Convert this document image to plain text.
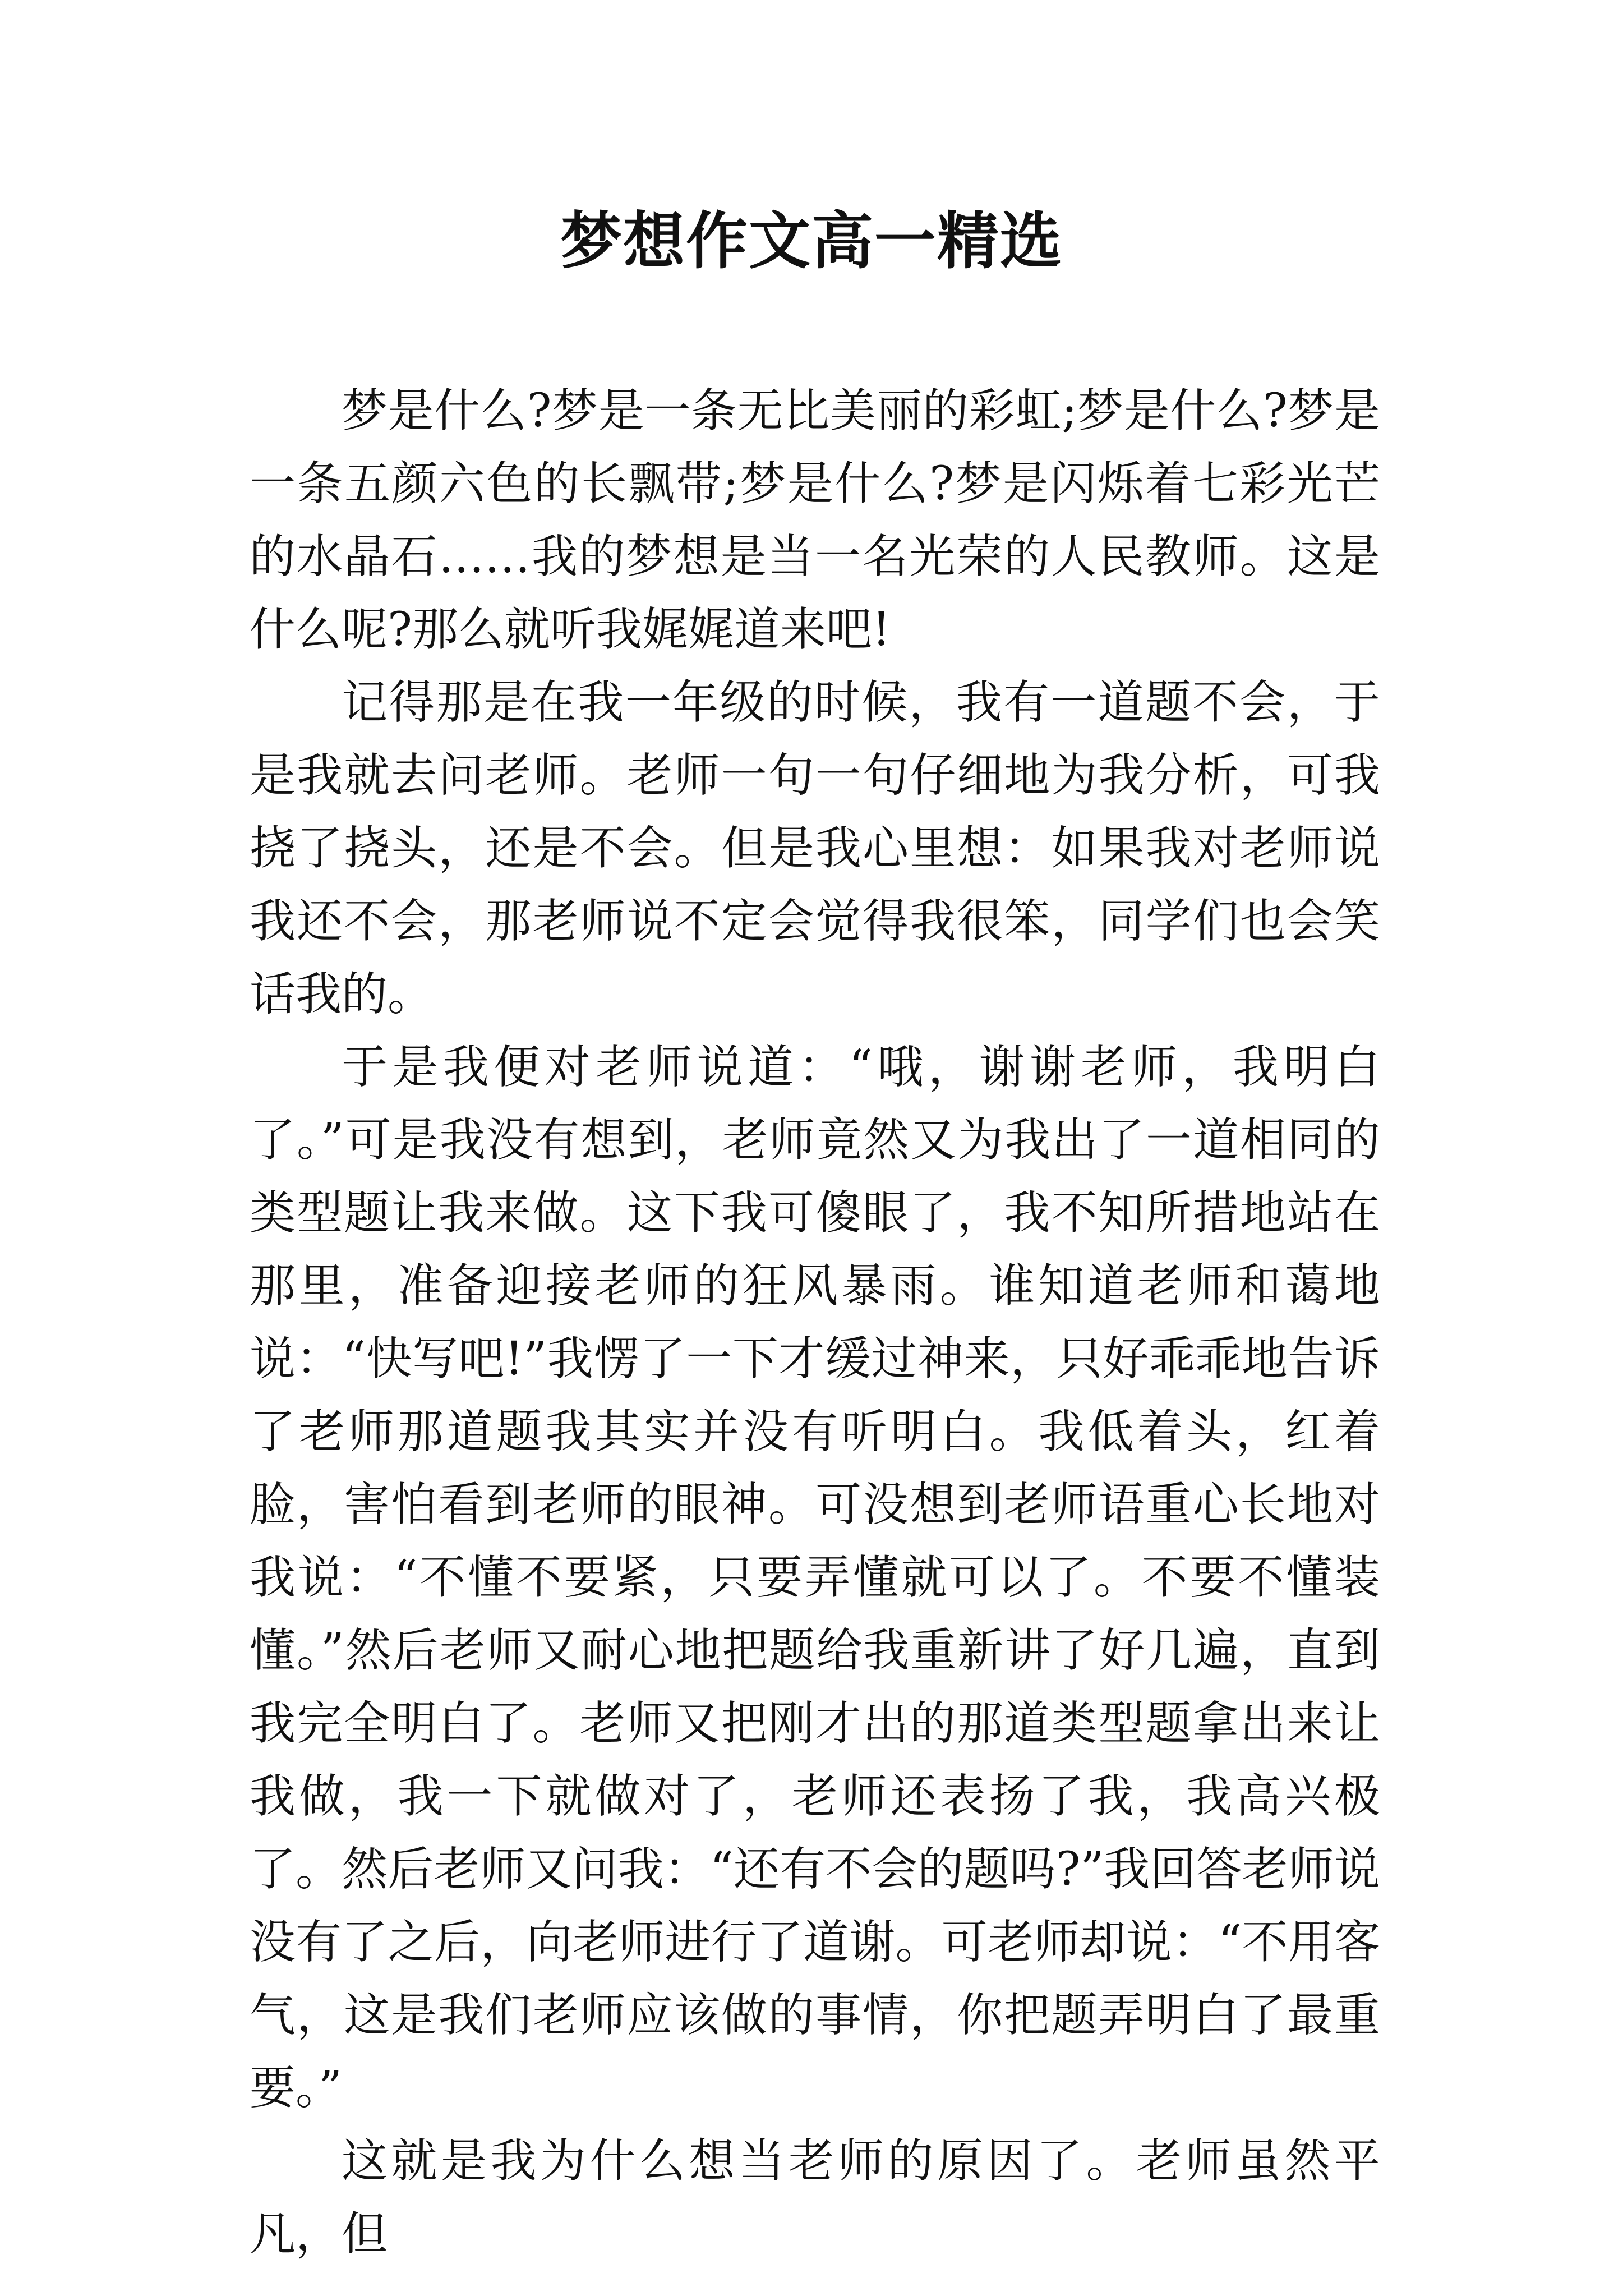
梦想作文高一精选

梦是什么?梦是一条无比美丽的彩虹;梦是什么?梦是一条五颜六色的长飘带;梦是什么?梦是闪烁着七彩光芒的水晶石……我的梦想是当一名光荣的人民教师。这是什么呢?那么就听我娓娓道来吧!

记得那是在我一年级的时候，我有一道题不会，于是我就去问老师。老师一句一句仔细地为我分析，可我挠了挠头，还是不会。但是我心里想：如果我对老师说我还不会，那老师说不定会觉得我很笨，同学们也会笑话我的。

于是我便对老师说道：“哦，谢谢老师，我明白了。”可是我没有想到，老师竟然又为我出了一道相同的类型题让我来做。这下我可傻眼了，我不知所措地站在那里，准备迎接老师的狂风暴雨。谁知道老师和蔼地说：“快写吧!”我愣了一下才缓过神来，只好乖乖地告诉了老师那道题我其实并没有听明白。我低着头，红着脸，害怕看到老师的眼神。可没想到老师语重心长地对我说：“不懂不要紧，只要弄懂就可以了。不要不懂装懂。”然后老师又耐心地把题给我重新讲了好几遍，直到我完全明白了。老师又把刚才出的那道类型题拿出来让我做，我一下就做对了，老师还表扬了我，我高兴极了。然后老师又问我：“还有不会的题吗?”我回答老师说没有了之后，向老师进行了道谢。可老师却说：“不用客气，这是我们老师应该做的事情，你把题弄明白了最重要。”

这就是我为什么想当老师的原因了。老师虽然平凡，但
